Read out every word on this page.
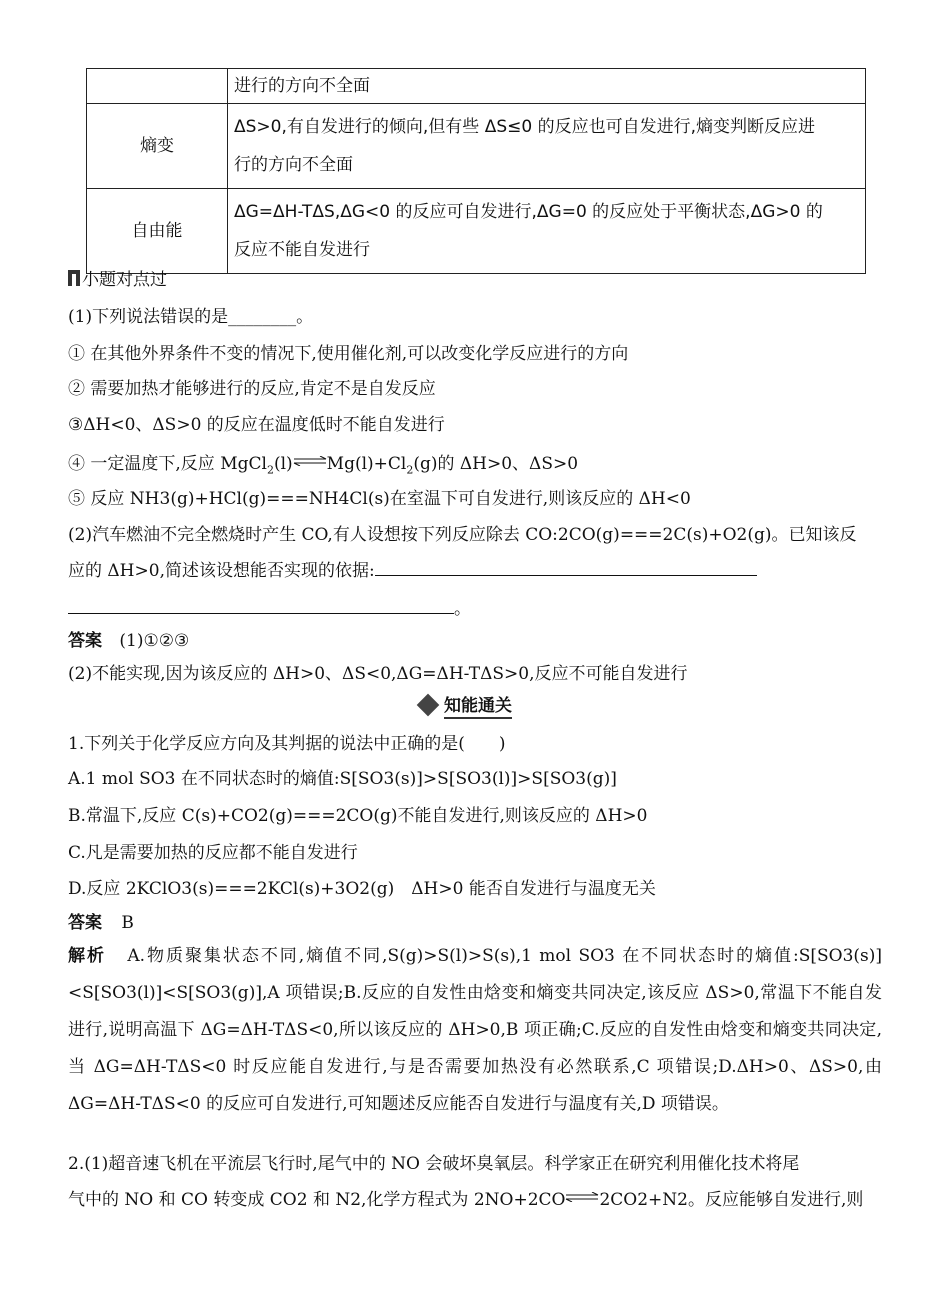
	进行的方向不全面
熵变	ΔS>0,有自发进行的倾向,但有些 ΔS≤0 的反应也可自发进行,熵变判断反应进
行的方向不全面

自由能	ΔG=ΔH-TΔS,ΔG<0 的反应可自发进行,ΔG=0 的反应处于平衡状态,ΔG>0 的
反应不能自发进行
小题对点过
(1)下列说法错误的是________。
① 在其他外界条件不变的情况下,使用催化剂,可以改变化学反应进行的方向
② 需要加热才能够进行的反应,肯定不是自发反应
③ΔH<0、ΔS>0 的反应在温度低时不能自发进行
④ 一定温度下,反应 $MgCl_2(l)\rightleftharpoons Mg(l)+Cl_2(g)$的 ΔH>0、ΔS>0
⑤ 反应 NH3(g)+HCl(g)===NH4Cl(s)在室温下可自发进行,则该反应的 ΔH<0
(2)汽车燃油不完全燃烧时产生 CO,有人设想按下列反应除去 CO:2CO(g)===2C(s)+O2(g)。已知该反
应的 ΔH>0,简述该设想能否实现的依据:
。
答案 (1)①②③
(2)不能实现,因为该反应的 ΔH>0、ΔS<0,ΔG=ΔH-TΔS>0,反应不可能自发进行
知能通关
1.下列关于化学反应方向及其判据的说法中正确的是(　　)
A.1 mol SO3 在不同状态时的熵值:S[SO3(s)]>S[SO3(l)]>S[SO3(g)]
B.常温下,反应 C(s)+CO2(g)===2CO(g)不能自发进行,则该反应的 ΔH>0
C.凡是需要加热的反应都不能自发进行
D.反应 2KClO3(s)===2KCl(s)+3O2(g)　ΔH>0 能否自发进行与温度无关
答案 B
解析 A.物质聚集状态不同,熵值不同,S(g)>S(l)>S(s),1 mol SO3 在不同状态时的熵值:S[SO3(s)]<S[SO3(l)]<S[SO3(g)],A 项错误;B.反应的自发性由焓变和熵变共同决定,该反应 ΔS>0,常温下不能自发进行,说明高温下 ΔG=ΔH-TΔS<0,所以该反应的 ΔH>0,B 项正确;C.反应的自发性由焓变和熵变共同决定,当 ΔG=ΔH-TΔS<0 时反应能自发进行,与是否需要加热没有必然联系,C 项错误;D.ΔH>0、ΔS>0,由 ΔG=ΔH-TΔS<0 的反应可自发进行,可知题述反应能否自发进行与温度有关,D 项错误。
2.(1)超音速飞机在平流层飞行时,尾气中的 NO 会破坏臭氧层。科学家正在研究利用催化技术将尾
气中的 NO 和 CO 转变成 CO2 和 N2,化学方程式为 2NO+2CO⇌2CO2+N2。反应能够自发进行,则
